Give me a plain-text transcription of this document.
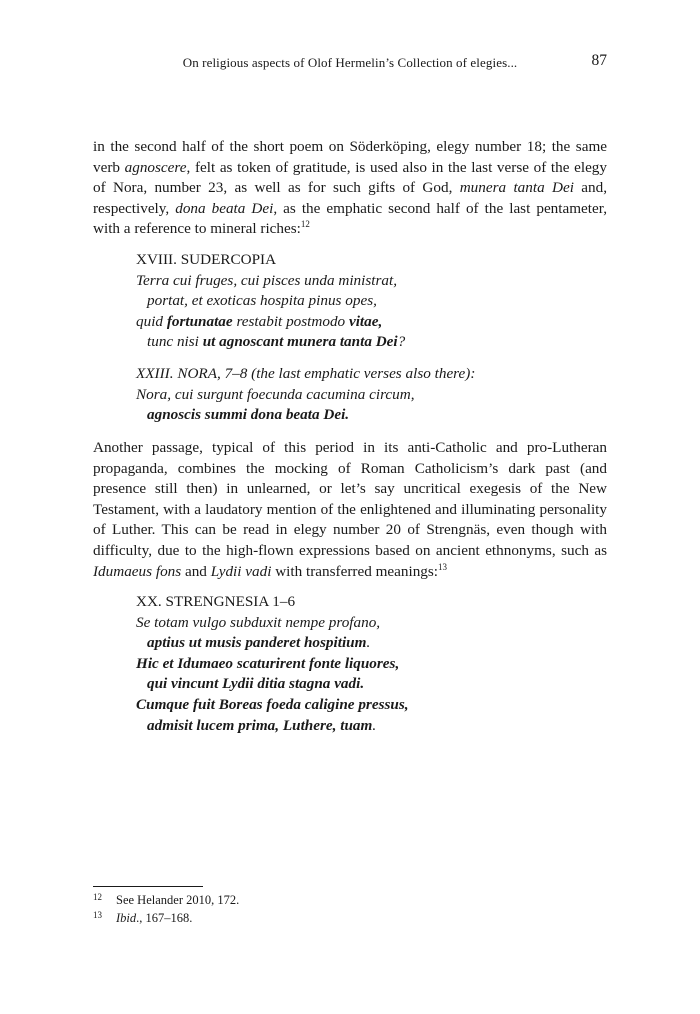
On religious aspects of Olof Hermelin’s Collection of elegies...	87

in the second half of the short poem on Söderköping, elegy number 18; the same verb agnoscere, felt as token of gratitude, is used also in the last verse of the elegy of Nora, number 23, as well as for such gifts of God, munera tanta Dei and, respectively, dona beata Dei, as the emphatic second half of the last pentameter, with a reference to mineral riches:$^{12}$

XVIII. SUDERCOPIA
Terra cui fruges, cui pisces unda ministrat,
portat, et exoticas hospita pinus opes,
quid fortunatae restabit postmodo vitae,
tunc nisi ut agnoscant munera tanta Dei?
XXIII. NORA, 7–8 (the last emphatic verses also there):
Nora, cui surgunt foecunda cacumina circum,
agnoscis summi dona beata Dei.

Another passage, typical of this period in its anti-Catholic and pro-Lutheran propaganda, combines the mocking of Roman Catholicism’s dark past (and presence still then) in unlearned, or let’s say uncritical exegesis of the New Testament, with a laudatory mention of the enlightened and illuminating personality of Luther. This can be read in elegy number 20 of Strengnäs, even though with difficulty, due to the high-flown expressions based on ancient ethnonyms, such as Idumaeus fons and Lydii vadi with transferred meanings:$^{13}$

XX. STRENGNESIA 1–6
Se totam vulgo subduxit nempe profano,
aptius ut musis panderet hospitium.
Hic et Idumaeo scaturirent fonte liquores,
qui vincunt Lydii ditia stagna vadi.
Cumque fuit Boreas foeda caligine pressus,
admisit lucem prima, Luthere, tuam.
12 See Helander 2010, 172.
13 Ibid., 167–168.
